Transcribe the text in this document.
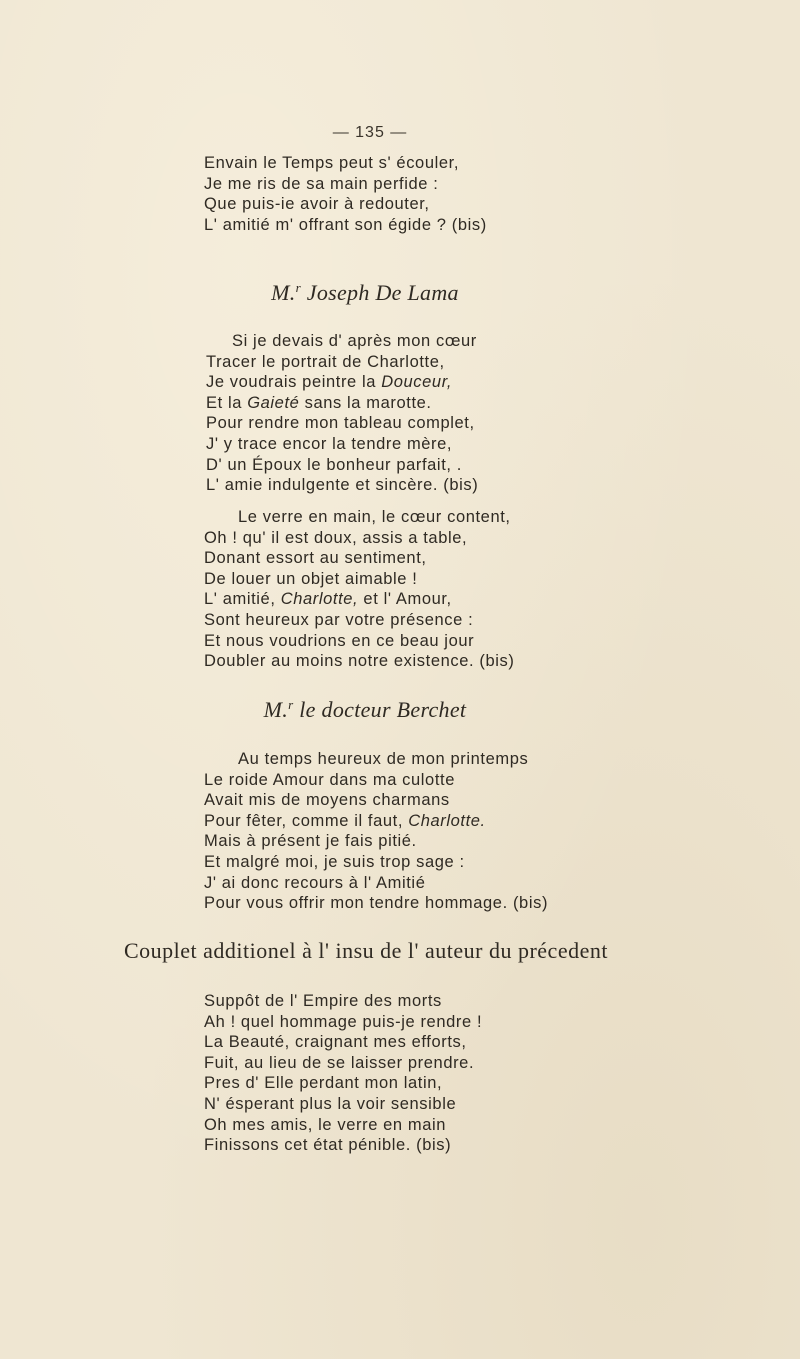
— 135 —
Envain le Temps peut s' écouler,
Je me ris de sa main perfide :
Que puis-ie avoir à redouter,
L' amitié m' offrant son égide ? (bis)
M.$^r$ Joseph De Lama
Si je devais d' après mon cœur
Tracer le portrait de Charlotte,
Je voudrais peintre la Douceur,
Et la Gaieté sans la marotte.
Pour rendre mon tableau complet,
J' y trace encor la tendre mère,
D' un Époux le bonheur parfait, .
L' amie indulgente et sincère. (bis)
Le verre en main, le cœur content,
Oh ! qu' il est doux, assis a table,
Donant essort au sentiment,
De louer un objet aimable !
L' amitié, Charlotte, et l' Amour,
Sont heureux par votre présence :
Et nous voudrions en ce beau jour
Doubler au moins notre existence. (bis)
M.$^r$ le docteur Berchet
Au temps heureux de mon printemps
Le roide Amour dans ma culotte
Avait mis de moyens charmans
Pour fêter, comme il faut, Charlotte.
Mais à présent je fais pitié.
Et malgré moi, je suis trop sage :
J' ai donc recours à l' Amitié
Pour vous offrir mon tendre hommage. (bis)
Couplet additionel à l' insu de l' auteur du précedent
Suppôt de l' Empire des morts
Ah ! quel hommage puis-je rendre !
La Beauté, craignant mes efforts,
Fuit, au lieu de se laisser prendre.
Pres d' Elle perdant mon latin,
N' ésperant plus la voir sensible
Oh mes amis, le verre en main
Finissons cet état pénible. (bis)
